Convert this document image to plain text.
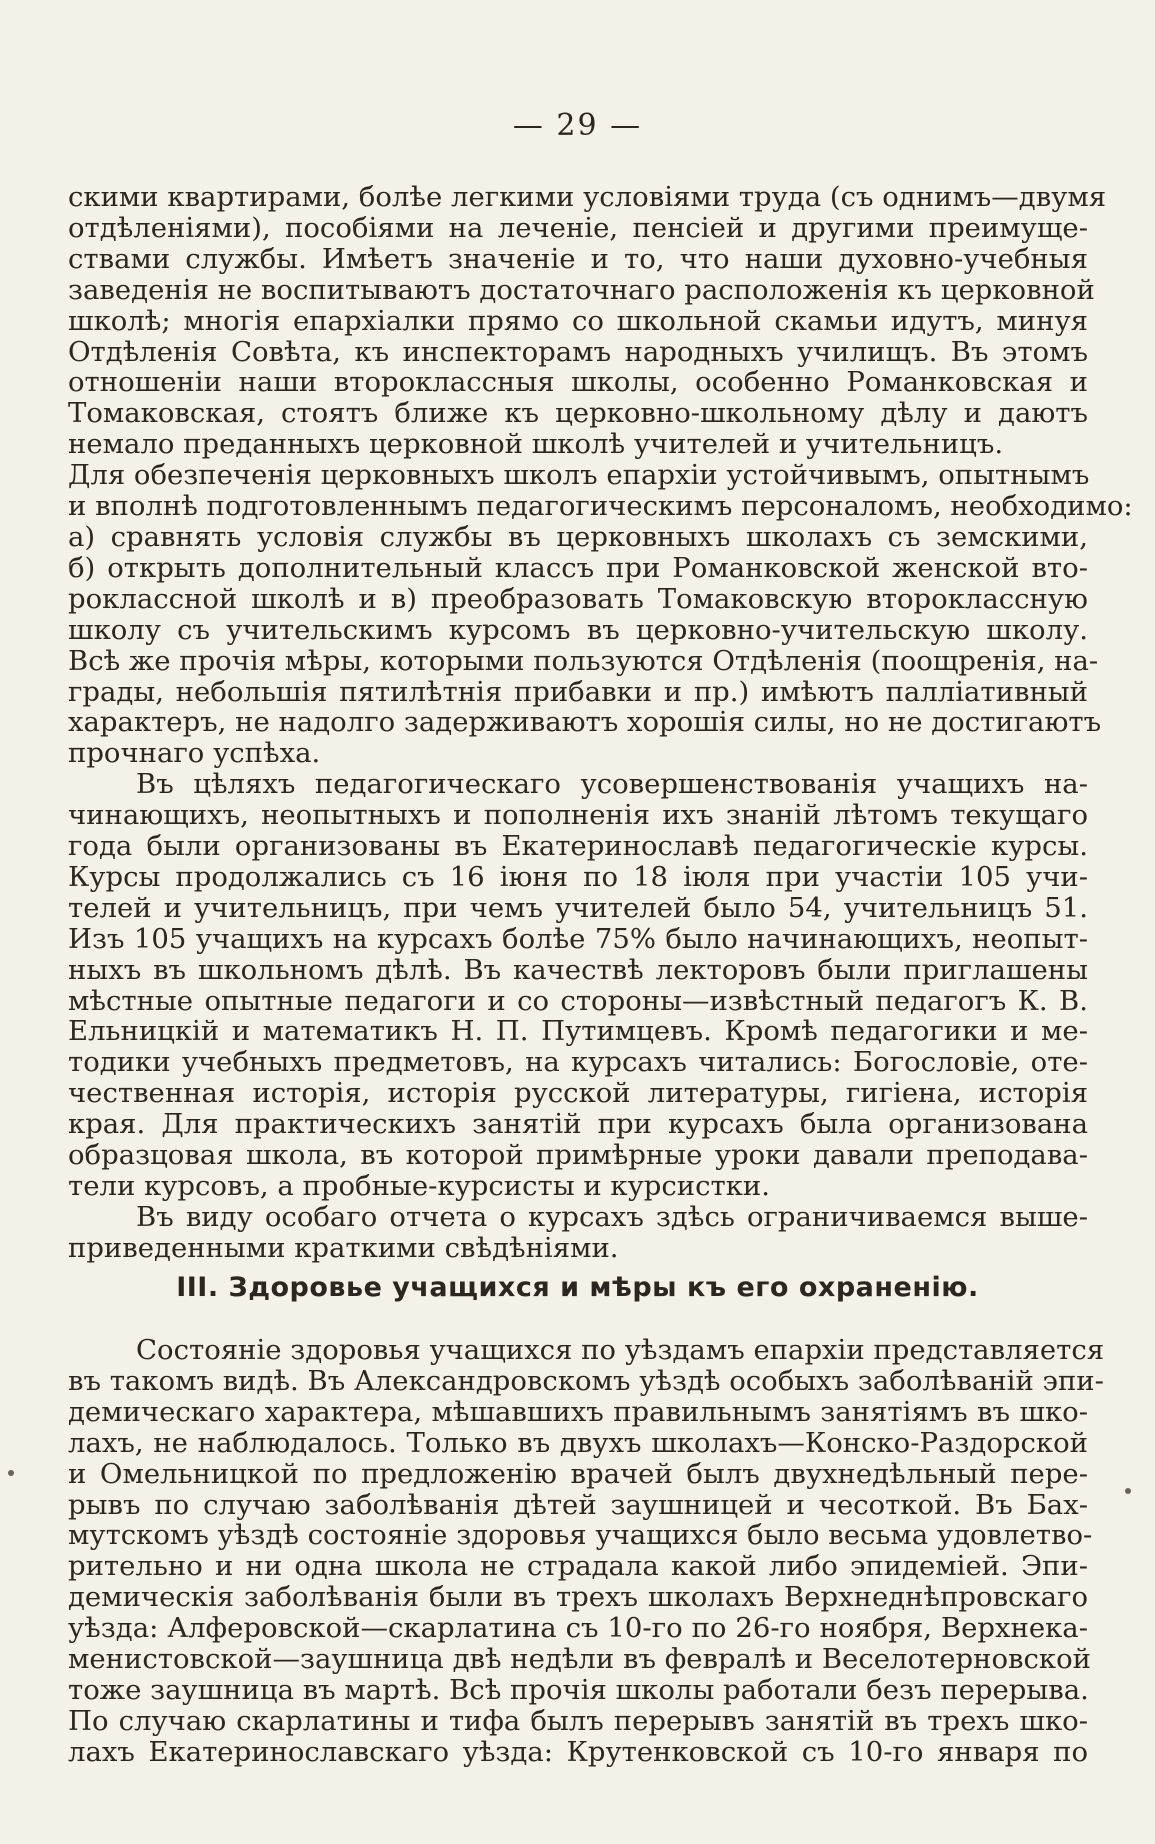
— 29 —
скими квартирами, болѣе легкими условіями труда (съ однимъ—двумя
отдѣленіями), пособіями на леченіе, пенсіей и другими преимуще-
ствами службы. Имѣетъ значеніе и то, что наши духовно-учебныя
заведенія не воспитываютъ достаточнаго расположенія къ церковной
школѣ; многія епархіалки прямо со школьной скамьи идутъ, минуя
Отдѣленія Совѣта, къ инспекторамъ народныхъ училищъ. Въ этомъ
отношеніи наши второклассныя школы, особенно Романковская и
Томаковская, стоятъ ближе къ церковно-школьному дѣлу и даютъ
немало преданныхъ церковной школѣ учителей и учительницъ.
Для обезпеченія церковныхъ школъ епархіи устойчивымъ, опытнымъ
и вполнѣ подготовленнымъ педагогическимъ персоналомъ, необходимо:
а) сравнять условія службы въ церковныхъ школахъ съ земскими,
б) открыть дополнительный классъ при Романковской женской вто-
роклассной школѣ и в) преобразовать Томаковскую второклассную
школу съ учительскимъ курсомъ въ церковно-учительскую школу.
Всѣ же прочія мѣры, которыми пользуются Отдѣленія (поощренія, на-
грады, небольшія пятилѣтнія прибавки и пр.) имѣютъ паллiативный
характеръ, не надолго задерживаютъ хорошія силы, но не достигаютъ
прочнаго успѣха.
Въ цѣляхъ педагогическаго усовершенствованія учащихъ на-
чинающихъ, неопытныхъ и пополненія ихъ знаній лѣтомъ текущаго
года были организованы въ Екатеринославѣ педагогическіе курсы.
Курсы продолжались съ 16 іюня по 18 іюля при участіи 105 учи-
телей и учительницъ, при чемъ учителей было 54, учительницъ 51.
Изъ 105 учащихъ на курсахъ болѣе 75% было начинающихъ, неопыт-
ныхъ въ школьномъ дѣлѣ. Въ качествѣ лекторовъ были приглашены
мѣстные опытные педагоги и со стороны—извѣстный педагогъ К. В.
Ельницкій и математикъ Н. П. Путимцевъ. Кромѣ педагогики и ме-
тодики учебныхъ предметовъ, на курсахъ читались: Богословіе, оте-
чественная исторія, исторія русской литературы, гигіена, исторія
края. Для практическихъ занятій при курсахъ была организована
образцовая школа, въ которой примѣрные уроки давали преподава-
тели курсовъ, а пробные-курсисты и курсистки.
Въ виду особаго отчета о курсахъ здѣсь ограничиваемся выше-
приведенными краткими свѣдѣніями.
III. Здоровье учащихся и мѣры къ его охраненію.
Состояніе здоровья учащихся по уѣздамъ епархіи представляется
въ такомъ видѣ. Въ Александровскомъ уѣздѣ особыхъ заболѣваній эпи-
демическаго характера, мѣшавшихъ правильнымъ занятіямъ въ шко-
лахъ, не наблюдалось. Только въ двухъ школахъ—Конско-Раздорской
и Омельницкой по предложенію врачей былъ двухнедѣльный пере-
рывъ по случаю заболѣванія дѣтей заушницей и чесоткой. Въ Бах-
мутскомъ уѣздѣ состояніе здоровья учащихся было весьма удовлетво-
рительно и ни одна школа не страдала какой либо эпидеміей. Эпи-
демическія заболѣванія были въ трехъ школахъ Верхнеднѣпровскаго
уѣзда: Алферовской—скарлатина съ 10-го по 26-го ноября, Верхнека-
менистовской—заушница двѣ недѣли въ февралѣ и Веселотерновской
тоже заушница въ мартѣ. Всѣ прочія школы работали безъ перерыва.
По случаю скарлатины и тифа былъ перерывъ занятій въ трехъ шко-
лахъ Екатеринославскаго уѣзда: Крутенковской съ 10-го января по
